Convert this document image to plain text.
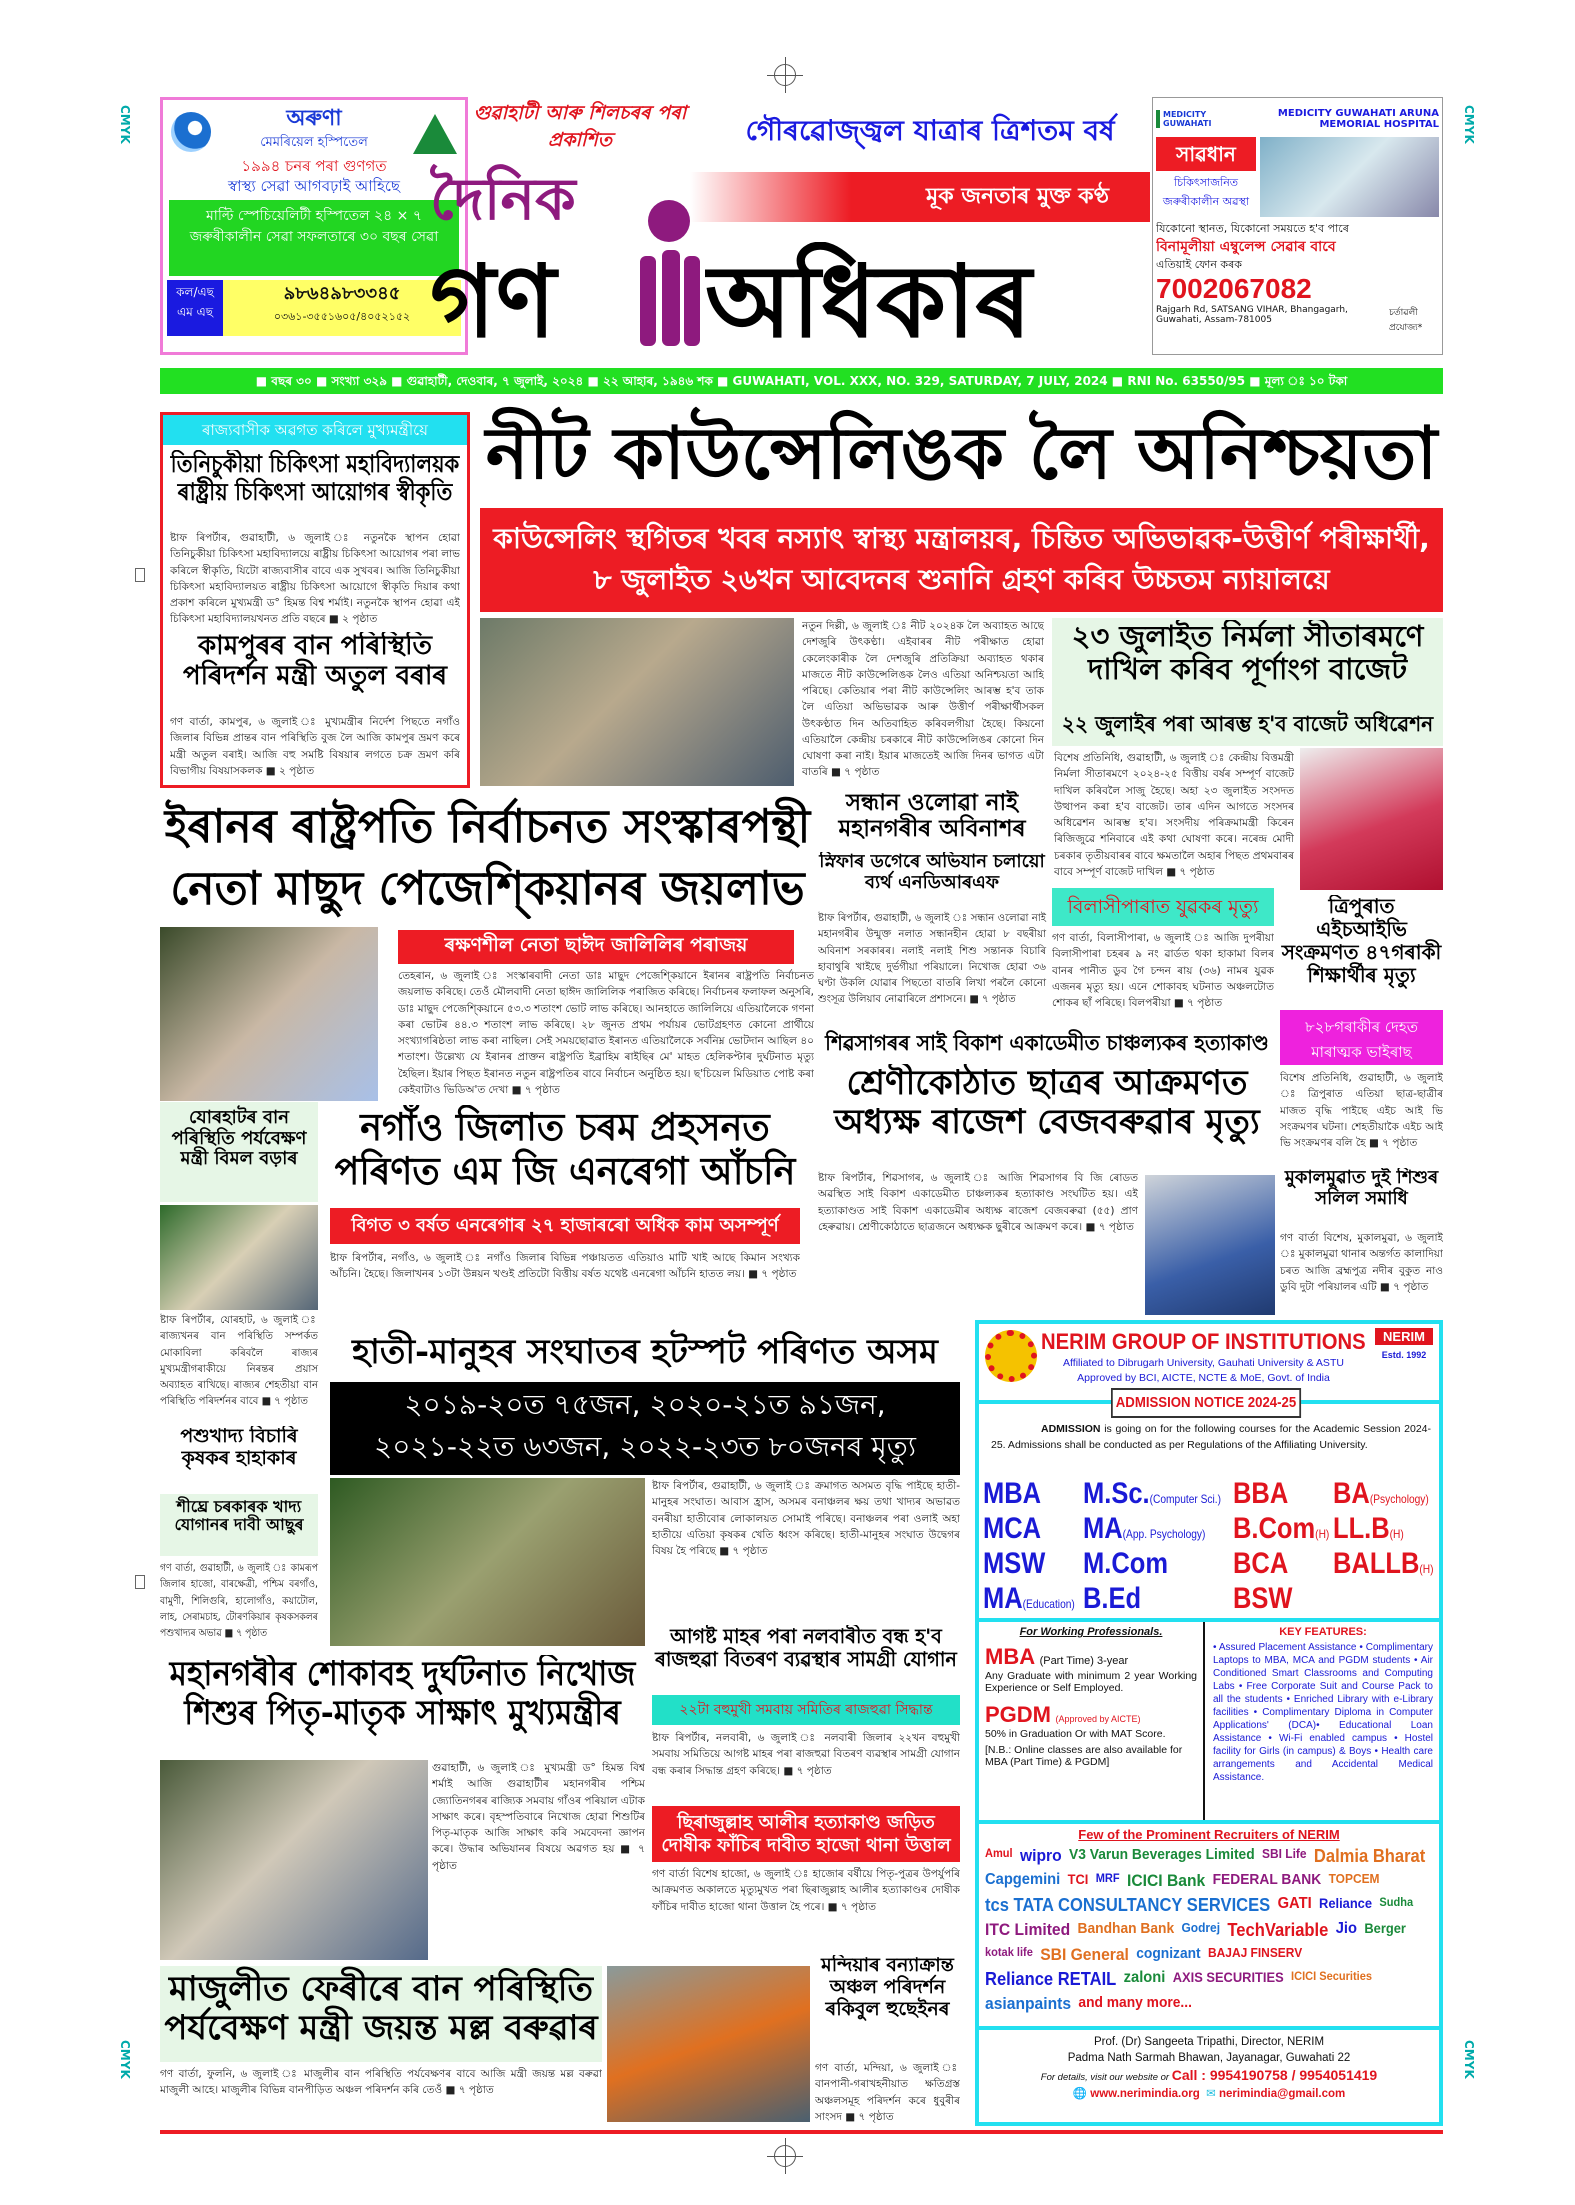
CMYK	CMYK
CMYK	CMYK
অৰুণা
মেমৰিয়েল হস্পিতেল
১৯৯৪ চনৰ পৰা গুণগত
স্বাস্থ্য সেৱা আগবঢ়াই আহিছে
মাল্টি স্পেচিয়েলিটী হস্পিতেল ২৪ × ৭ জৰুৰীকালীন সেৱা সফলতাৰে ৩০ বছৰ সেৱা
কল/এছ এম এছ
৯৮৬৪৯৮৩৩৪৫
০৩৬১-৩৫৫১৬০৫/৪০৫২১৫২
গুৱাহাটী আৰু শিলচৰৰ পৰা প্ৰকাশিত	গৌৰৱোজ্জ্বল যাত্ৰাৰ ত্ৰিশতম বৰ্ষ
মূক জনতাৰ মুক্ত কণ্ঠ
দৈনিক
গণ	অধিকাৰ
MEDICITY GUWAHATI
MEDICITY GUWAHATI ARUNA MEMORIAL HOSPITAL
সাৱধান
চিকিৎসাজনিত জৰুৰীকালীন অৱস্থা
যিকোনো স্থানত, যিকোনো সময়তে হ'ব পাৰে
বিনামূলীয়া এম্বুলেন্স সেৱাৰ বাবে
এতিয়াই ফোন কৰক
7002067082
Rajgarh Rd, SATSANG VIHAR, Bhangagarh, Guwahati, Assam-781005
চৰ্তাৱলী প্ৰযোজ্য*
■ বছৰ ৩০ ■ সংখ্যা ৩২৯ ■ গুৱাহাটী, দেওবাৰ, ৭ জুলাই, ২০২৪ ■ ২২ আহাৰ, ১৯৪৬ শক ■ GUWAHATI, VOL. XXX, NO. 329, SATURDAY, 7 JULY, 2024 ■ RNI No. 63550/95 ■ মূল্য ঃ ১০ টকা
ৰাজ্যবাসীক অৱগত কৰিলে মুখ্যমন্ত্ৰীয়ে
তিনিচুকীয়া চিকিৎসা মহাবিদ্যালয়ক ৰাষ্ট্ৰীয় চিকিৎসা আয়োগৰ স্বীকৃতি
ষ্টাফ ৰিপৰ্টাৰ, গুৱাহাটী, ৬ জুলাই ঃ নতুনকৈ স্থাপন হোৱা তিনিচুকীয়া চিকিৎসা মহাবিদ্যালয়ে ৰাষ্ট্ৰীয় চিকিৎসা আয়োগৰ পৰা লাভ কৰিলে স্বীকৃতি, যিটো ৰাজ্যবাসীৰ বাবে এক সুখবৰ। আজি তিনিচুকীয়া চিকিৎসা মহাবিদ্যালয়ত ৰাষ্ট্ৰীয় চিকিৎসা আয়োগে স্বীকৃতি দিয়াৰ কথা প্ৰকাশ কৰিলে মুখ্যমন্ত্ৰী ড° হিমন্ত বিশ্ব শৰ্মাই। নতুনকৈ স্থাপন হোৱা এই চিকিৎসা মহাবিদ্যালয়খনত প্ৰতি বছৰে ■ ২ পৃষ্ঠাত
কামপুৰৰ বান পৰিস্থিতি পৰিদৰ্শন মন্ত্ৰী অতুল বৰাৰ
গণ বাৰ্তা, কামপুৰ, ৬ জুলাই ঃ মুখ্যমন্ত্ৰীৰ নিৰ্দেশ পিছতে নগাঁও জিলাৰ বিভিন্ন প্ৰান্তৰ বান পৰিস্থিতি বুজ লৈ আজি কামপুৰ ভ্ৰমণ কৰে মন্ত্ৰী অতুল বৰাই। আজি বহু সমষ্টি বিষয়াৰ লগতে চক্ৰ ভ্ৰমণ কৰি বিভাগীয় বিষয়াসকলক ■ ২ পৃষ্ঠাত
নীট কাউন্সেলিঙক লৈ অনিশ্চয়তা
কাউন্সেলিং স্থগিতৰ খবৰ নস্যাৎ স্বাস্থ্য মন্ত্ৰালয়ৰ, চিন্তিত অভিভাৱক-উত্তীৰ্ণ পৰীক্ষাৰ্থী, ৮ জুলাইত ২৬খন আবেদনৰ শুনানি গ্ৰহণ কৰিব উচ্চতম ন্যায়ালয়ে
নতুন দিল্লী, ৬ জুলাই ঃ নীট ২০২৪ক লৈ অব্যাহত আছে দেশজুৰি উৎকণ্ঠা। এইবাৰৰ নীট পৰীক্ষাত হোৱা কেলেংকাৰীক লৈ দেশজুৰি প্ৰতিক্ৰিয়া অব্যাহত থকাৰ মাজতে নীট কাউন্সেলিঙক লৈও এতিয়া অনিশ্চয়তা আহি পৰিছে। কেতিয়াৰ পৰা নীট কাউন্সেলিং আৰম্ভ হ'ব তাক লৈ এতিয়া অভিভাৱক আৰু উত্তীৰ্ণ পৰীক্ষাৰ্থীসকল উৎকণ্ঠাত দিন অতিবাহিত কৰিবলগীয়া হৈছে। কিয়নো এতিয়ালৈ কেন্দ্ৰীয় চৰকাৰে নীট কাউন্সেলিঙৰ কোনো দিন ঘোষণা কৰা নাই। ইয়াৰ মাজতেই আজি দিনৰ ভাগত এটা বাতৰি ■ ৭ পৃষ্ঠাত
২৩ জুলাইত নিৰ্মলা সীতাৰমণে দাখিল কৰিব পূৰ্ণাংগ বাজেট
২২ জুলাইৰ পৰা আৰম্ভ হ'ব বাজেট অধিৱেশন
বিশেষ প্ৰতিনিধি, গুৱাহাটী, ৬ জুলাই ঃ কেন্দ্ৰীয় বিত্তমন্ত্ৰী নিৰ্মলা সীতাৰমণে ২০২৪-২৫ বিত্তীয় বৰ্ষৰ সম্পূৰ্ণ বাজেট দাখিল কৰিবলৈ সাজু হৈছে। অহা ২৩ জুলাইত সংসদত উত্থাপন কৰা হ'ব বাজেট। তাৰ এদিন আগতে সংসদৰ অধিৱেশন আৰম্ভ হ'ব। সংসদীয় পৰিক্ৰমামন্ত্ৰী কিৰেন ৰিজিজুৱে শনিবাৰে এই কথা ঘোষণা কৰে। নৰেন্দ্ৰ মোদী চৰকাৰ তৃতীয়বাৰৰ বাবে ক্ষমতালৈ অহাৰ পিছত প্ৰথমবাৰৰ বাবে সম্পূৰ্ণ বাজেট দাখিল ■ ৭ পৃষ্ঠাত
সন্ধান ওলোৱা নাই মহানগৰীৰ অবিনাশৰ
স্নিফাৰ ডগেৰে অভিযান চলায়ো ব্যৰ্থ এনডিআৰএফ
ষ্টাফ ৰিপৰ্টাৰ, গুৱাহাটী, ৬ জুলাই ঃ সন্ধান ওলোৱা নাই মহানগৰীৰ উন্মুক্ত নলাত সন্ধানহীন হোৱা ৮ বছৰীয়া অবিনাশ সৰকাৰৰ। নলাই নলাই শিশু সন্তানক বিচাৰি হাবাথুৰি খাইছে দুৰ্ভগীয়া পৰিয়ালে। নিখোজ হোৱা ৩৬ ঘণ্টা উকলি যোৱাৰ পিছতো বাতৰি লিখা পৰলৈ কোনো শুংসূত্ৰ উলিয়াব নোৱাৰিলে প্ৰশাসনে। ■ ৭ পৃষ্ঠাত
বিলাসীপাৰাত যুৱকৰ মৃত্যু
গণ বাৰ্তা, বিলাসীপাৰা, ৬ জুলাই ঃ আজি দুপৰীয়া বিলাসীপাৰা চহৰৰ ৯ নং ৱাৰ্ডত থকা হাকামা বিলৰ বানৰ পানীত ডুব গৈ চন্দন ৰায় (৩৬) নামৰ যুৱক এজনৰ মৃত্যু হয়। এনে শোকাবহ ঘটনাত অঞ্চলটোত শোকৰ ছাঁ পৰিছে। বিলপৰীয়া ■ ৭ পৃষ্ঠাত
ত্ৰিপুৰাত এইচআইভি সংক্ৰমণত ৪৭গৰাকী শিক্ষাৰ্থীৰ মৃত্যু
৮২৮গৰাকীৰ দেহত মাৰাত্মক ভাইৰাছ
বিশেষ প্ৰতিনিধি, গুৱাহাটী, ৬ জুলাই ঃ ত্ৰিপুৰাত এতিয়া ছাত্ৰ-ছাত্ৰীৰ মাজত বৃদ্ধি পাইছে এইচ আই ভি সংক্ৰমণৰ ঘটনা। শেহতীয়াকৈ এইচ আই ভি সংক্ৰমণৰ বলি হৈ ■ ৭ পৃষ্ঠাত
মুকালমুৱাত দুই শিশুৰ সলিল সমাধি
গণ বাৰ্তা বিশেষ, মুকালমুৱা, ৬ জুলাই ঃ মুকালমুৱা থানাৰ অন্তৰ্গত কালাদিয়া চৰত আজি ব্ৰহ্মপুত্ৰ নদীৰ বুকুত নাও ডুবি দুটা পৰিয়ালৰ এটি ■ ৭ পৃষ্ঠাত
শিৱসাগৰৰ সাই বিকাশ একাডেমীত চাঞ্চল্যকৰ হত্যাকাণ্ড
শ্ৰেণীকোঠাত ছাত্ৰৰ আক্ৰমণত অধ্যক্ষ ৰাজেশ বেজবৰুৱাৰ মৃত্যু
ষ্টাফ ৰিপৰ্টাৰ, শিৱসাগৰ, ৬ জুলাই ঃ আজি শিৱসাগৰ বি জি ৰোডত অৱস্থিত সাই বিকাশ একাডেমীত চাঞ্চল্যকৰ হত্যাকাণ্ড সংঘটিত হয়। এই হত্যাকাণ্ডত সাই বিকাশ একাডেমীৰ অধ্যক্ষ ৰাজেশ বেজবৰুৱা (৫৫) প্ৰাণ হেৰুৱায়। শ্ৰেণীকোঠাতে ছাত্ৰজনে অধ্যক্ষক ছুৰীৰে আক্ৰমণ কৰে। ■ ৭ পৃষ্ঠাত
ইৰানৰ ৰাষ্ট্ৰপতি নিৰ্বাচনত সংস্কাৰপন্থী নেতা মাছুদ পেজেশ্কিয়ানৰ জয়লাভ
ৰক্ষণশীল নেতা ছাঈদ জালিলিৰ পৰাজয়
তেহৰান, ৬ জুলাই ঃ সংস্কাৰবাদী নেতা ডাঃ মাছুদ পেজেশ্কিয়ানে ইৰানৰ ৰাষ্ট্ৰপতি নিৰ্বাচনত জয়লাভ কৰিছে। তেওঁ মৌলবাদী নেতা ছাঈদ জালিলিক পৰাজিত কৰিছে। নিৰ্বাচনৰ ফলাফল অনুসৰি, ডাঃ মাছুদ পেজেশ্কিয়ানে ৫৩.৩ শতাংশ ভোট লাভ কৰিছে। আনহাতে জালিলিয়ে এতিয়ালৈকে গণনা কৰা ভোটৰ ৪৪.৩ শতাংশ লাভ কৰিছে। ২৮ জুনত প্ৰথম পৰ্যায়ৰ ভোটগ্ৰহণত কোনো প্ৰাৰ্থীয়ে সংখ্যাগৰিষ্ঠতা লাভ কৰা নাছিল। সেই সময়ছোৱাত ইৰানত এতিয়ালৈকে সৰ্বনিম্ন ভোটদান আছিল ৪০ শতাংশ। উল্লেখ্য যে ইৰানৰ প্ৰাক্তন ৰাষ্ট্ৰপতি ইব্ৰাহিম ৰাইছিৰ মে' মাহত হেলিকপ্টাৰ দুৰ্ঘটনাত মৃত্যু হৈছিল। ইয়াৰ পিছত ইৰানত নতুন ৰাষ্ট্ৰপতিৰ বাবে নিৰ্বাচন অনুষ্ঠিত হয়। ছ'চিয়েল মিডিয়াত পোষ্ট কৰা কেইবাটাও ভিডিঅ'ত দেখা ■ ৭ পৃষ্ঠাত
যোৰহাটৰ বান পৰিস্থিতি পৰ্যবেক্ষণ মন্ত্ৰী বিমল বড়াৰ
ষ্টাফ ৰিপৰ্টাৰ, যোৰহাট, ৬ জুলাই ঃ ৰাজ্যখনৰ বান পৰিস্থিতি সম্পৰ্কত মোকাবিলা কৰিবলৈ ৰাজ্যৰ মুখ্যমন্ত্ৰীগৰাকীয়ে নিৰন্তৰ প্ৰয়াস অব্যাহত ৰাখিছে। ৰাজ্যৰ শেহতীয়া বান পৰিস্থিতি পৰিদৰ্শনৰ বাবে ■ ৭ পৃষ্ঠাত
নগাঁও জিলাত চৰম প্ৰহসনত পৰিণত এম জি এনৰেগা আঁচনি
বিগত ৩ বৰ্ষত এনৰেগাৰ ২৭ হাজাৰৰো অধিক কাম অসম্পূৰ্ণ
ষ্টাফ ৰিপৰ্টাৰ, নগাঁও, ৬ জুলাই ঃ নগাঁও জিলাৰ বিভিন্ন পঞ্চায়তত এতিয়াও মাটি খাই আছে কিমান সংখ্যক আঁচনি। হৈছে। জিলাখনৰ ১৩টা উন্নয়ন খণ্ডই প্ৰতিটো বিত্তীয় বৰ্ষত যথেষ্ট এনৰেগা আঁচনি হাতত লয়। ■ ৭ পৃষ্ঠাত
হাতী-মানুহৰ সংঘাতৰ হটস্পট পৰিণত অসম
২০১৯-২০ত ৭৫জন, ২০২০-২১ত ৯১জন, ২০২১-২২ত ৬৩জন, ২০২২-২৩ত ৮০জনৰ মৃত্যু
ষ্টাফ ৰিপৰ্টাৰ, গুৱাহাটী, ৬ জুলাই ঃ ক্ৰমাগত অসমত বৃদ্ধি পাইছে হাতী-মানুহৰ সংঘাত। আবাস হ্ৰাস, অসমৰ বনাঞ্চলৰ ক্ষয় তথা খাদ্যৰ অভাৱত বনৰীয়া হাতীবোৰ লোকালয়ত সোমাই পৰিছে। বনাঞ্চলৰ পৰা ওলাই অহা হাতীয়ে এতিয়া কৃষকৰ খেতি ধ্বংস কৰিছে। হাতী-মানুহৰ সংঘাত উদ্বেগৰ বিষয় হৈ পৰিছে ■ ৭ পৃষ্ঠাত
আগষ্ট মাহৰ পৰা নলবাৰীত বন্ধ হ'ব ৰাজহুৱা বিতৰণ ব্যৱস্থাৰ সামগ্ৰী যোগান
২২টা বহুমুখী সমবায় সমিতিৰ ৰাজহুৱা সিদ্ধান্ত
ষ্টাফ ৰিপৰ্টাৰ, নলবাৰী, ৬ জুলাই ঃ নলবাৰী জিলাৰ ২২খন বহুমুখী সমবায় সমিতিয়ে আগষ্ট মাহৰ পৰা ৰাজহুৱা বিতৰণ ব্যৱস্থাৰ সামগ্ৰী যোগান বন্ধ কৰাৰ সিদ্ধান্ত গ্ৰহণ কৰিছে। ■ ৭ পৃষ্ঠাত
ছিৰাজুল্লাহ আলীৰ হত্যাকাণ্ড জড়িত দোষীক ফাঁচিৰ দাবীত হাজো থানা উত্তাল
গণ বাৰ্তা বিশেষ হাজো, ৬ জুলাই ঃ হাজোৰ বৰ্ষীয়ে পিতৃ-পুত্ৰৰ উপৰ্যুপৰি আক্ৰমণত অকালতে মৃত্যুমুখত পৰা ছিৰাজুল্লাহ আলীৰ হত্যাকাণ্ডৰ দোষীক ফাঁচিৰ দাবীত হাজো থানা উত্তাল হৈ পৰে। ■ ৭ পৃষ্ঠাত
মন্দিয়াৰ বন্যাক্ৰান্ত অঞ্চল পৰিদৰ্শন ৰকিবুল হুছেইনৰ
গণ বাৰ্তা, মন্দিয়া, ৬ জুলাই ঃ বানপানী-গৰাখহনীয়াত ক্ষতিগ্ৰস্ত অঞ্চলসমূহ পৰিদৰ্শন কৰে ধুবুৰীৰ সাংসদ ■ ৭ পৃষ্ঠাত
পশুখাদ্য বিচাৰি কৃষকৰ হাহাকাৰ
শীঘ্ৰে চৰকাৰক খাদ্য যোগানৰ দাবী আছুৰ
গণ বাৰ্তা, গুৱাহাটী, ৬ জুলাই ঃ কামৰূপ জিলাৰ হাজো, বাৰক্ষেত্ৰী, পশ্চিম বৰগাঁও, বামুণী, শিলিগুৰি, হালোগাঁও, কয়াটোল, লাহ, সেৰামচাহ, টোৰণকিয়াৰ কৃষকসকলৰ পশুখাদ্যৰ অভাৱ ■ ৭ পৃষ্ঠাত
মহানগৰীৰ শোকাবহ দুৰ্ঘটনাত নিখোজ শিশুৰ পিতৃ-মাতৃক সাক্ষাৎ মুখ্যমন্ত্ৰীৰ
গুৱাহাটী, ৬ জুলাই ঃ মুখ্যমন্ত্ৰী ড° হিমন্ত বিশ্ব শৰ্মাই আজি গুৱাহাটীৰ মহানগৰীৰ পশ্চিম জ্যোতিনগৰৰ ৰাজ্যিক সমবায় গাঁওৰ পৰিয়াল এটাক সাক্ষাৎ কৰে। বৃহস্পতিবাৰে নিখোজ হোৱা শিশুটিৰ পিতৃ-মাতৃক আজি সাক্ষাৎ কৰি সমবেদনা জ্ঞাপন কৰে। উদ্ধাৰ অভিযানৰ বিষয়ে অৱগত হয় ■ ৭ পৃষ্ঠাত
মাজুলীত ফেৰীৰে বান পৰিস্থিতি পৰ্যবেক্ষণ মন্ত্ৰী জয়ন্ত মল্ল বৰুৱাৰ
গণ বাৰ্তা, ফুলনি, ৬ জুলাই ঃ মাজুলীৰ বান পৰিস্থিতি পৰ্যবেক্ষণৰ বাবে আজি মন্ত্ৰী জয়ন্ত মল্ল বৰুৱা মাজুলী আহে। মাজুলীৰ বিভিন্ন বানপীড়িত অঞ্চল পৰিদৰ্শন কৰি তেওঁ ■ ৭ পৃষ্ঠাত
NERIM GROUP OF INSTITUTIONS	NERIM
Estd. 1992
Affiliated to Dibrugarh University, Gauhati University & ASTU
Approved by BCI, AICTE, NCTE & MoE, Govt. of India
ADMISSION NOTICE 2024-25
ADMISSION is going on for the following courses for the Academic Session 2024-25. Admissions shall be conducted as per Regulations of the Affiliating University.
MBA	M.Sc.(Computer Sci.) BBA	BA(Psychology)
MCA	MA(App. Psychology) B.Com(H) LL.B(H)
MSW	M.Com	BCA	BALLB(H)
MA(Education) B.Ed	BSW
For Working Professionals.
MBA (Part Time) 3-year
Any Graduate with minimum 2 year Working Experience or Self Employed.
PGDM (Approved by AICTE)
50% in Graduation Or with MAT Score.
[N.B.: Online classes are also available for MBA (Part Time) & PGDM]
KEY FEATURES:
• Assured Placement Assistance • Complimentary Laptops to MBA, MCA and PGDM students • Air Conditioned Smart Classrooms and Computing Labs • Free Corporate Suit and Course Pack to all the students • Enriched Library with e-Library facilities • Complimentary Diploma in Computer Applications' (DCA)• Educational Loan Assistance • Wi-Fi enabled campus • Hostel facility for Girls (in campus) & Boys • Health care arrangements and Accidental Medical Assistance.
Few of the Prominent Recruiters of NERIM
Amul wipro V3 Varun Beverages Limited SBI Life Dalmia Bharat
Capgemini TCI MRF ICICI Bank FEDERAL BANK TOPCEM
tcs TATA CONSULTANCY SERVICES GATI Reliance Sudha
ITC Limited Bandhan Bank Godrej TechVariable Jio Berger
kotak life SBI General cognizant BAJAJ FINSERV
Reliance RETAIL zaloni AXIS SECURITIES ICICI Securities
asianpaints and many more...
Prof. (Dr) Sangeeta Tripathi, Director, NERIM
Padma Nath Sarmah Bhawan, Jayanagar, Guwahati 22
For details, visit our website or Call : 9954190758 / 9954051419
🌐 www.nerimindia.org ✉ nerimindia@gmail.com
